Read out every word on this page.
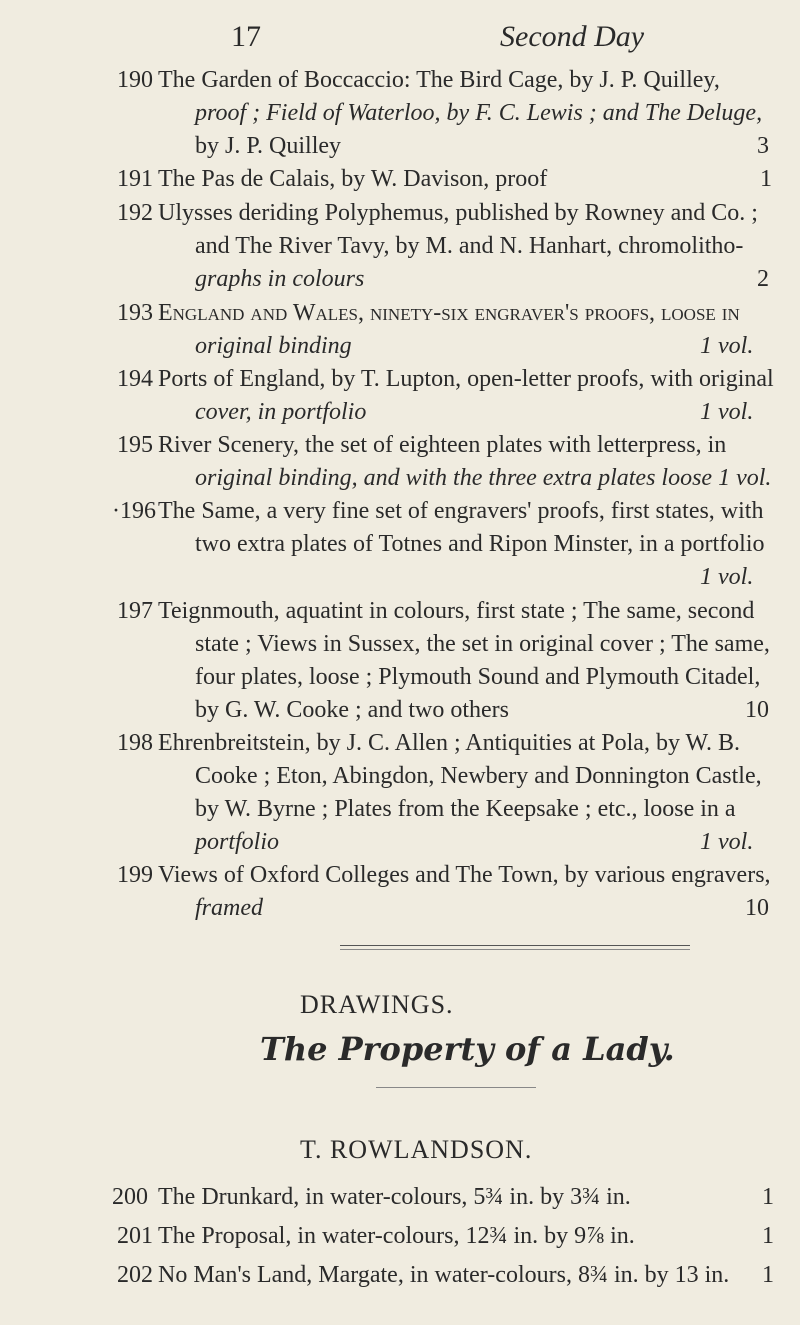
17	Second Day
190 The Garden of Boccaccio: The Bird Cage, by J. P. Quilley,
proof ; Field of Waterloo, by F. C. Lewis ; and The Deluge,
by J. P. Quilley	3
191 The Pas de Calais, by W. Davison, proof	1
192 Ulysses deriding Polyphemus, published by Rowney and Co. ;
and The River Tavy, by M. and N. Hanhart, chromolitho-
graphs in colours	2
193 England and Wales, ninety-six engraver's proofs, loose in
original binding	1 vol.
194 Ports of England, by T. Lupton, open-letter proofs, with original
cover, in portfolio	1 vol.
195 River Scenery, the set of eighteen plates with letterpress, in
original binding, and with the three extra plates loose 1 vol.
·196 The Same, a very fine set of engravers' proofs, first states, with
two extra plates of Totnes and Ripon Minster, in a portfolio
1 vol.
197 Teignmouth, aquatint in colours, first state ; The same, second
state ; Views in Sussex, the set in original cover ; The same,
four plates, loose ; Plymouth Sound and Plymouth Citadel,
by G. W. Cooke ; and two others	10
198 Ehrenbreitstein, by J. C. Allen ; Antiquities at Pola, by W. B.
Cooke ; Eton, Abingdon, Newbery and Donnington Castle,
by W. Byrne ; Plates from the Keepsake ; etc., loose in a
portfolio	1 vol.
199 Views of Oxford Colleges and The Town, by various engravers,
framed	10
DRAWINGS.
The Property of a Lady.
T. ROWLANDSON.
200 The Drunkard, in water-colours, 5¾ in. by 3¾ in.	1
201 The Proposal, in water-colours, 12¾ in. by 9⅞ in.	1
202 No Man's Land, Margate, in water-colours, 8¾ in. by 13 in. 1
